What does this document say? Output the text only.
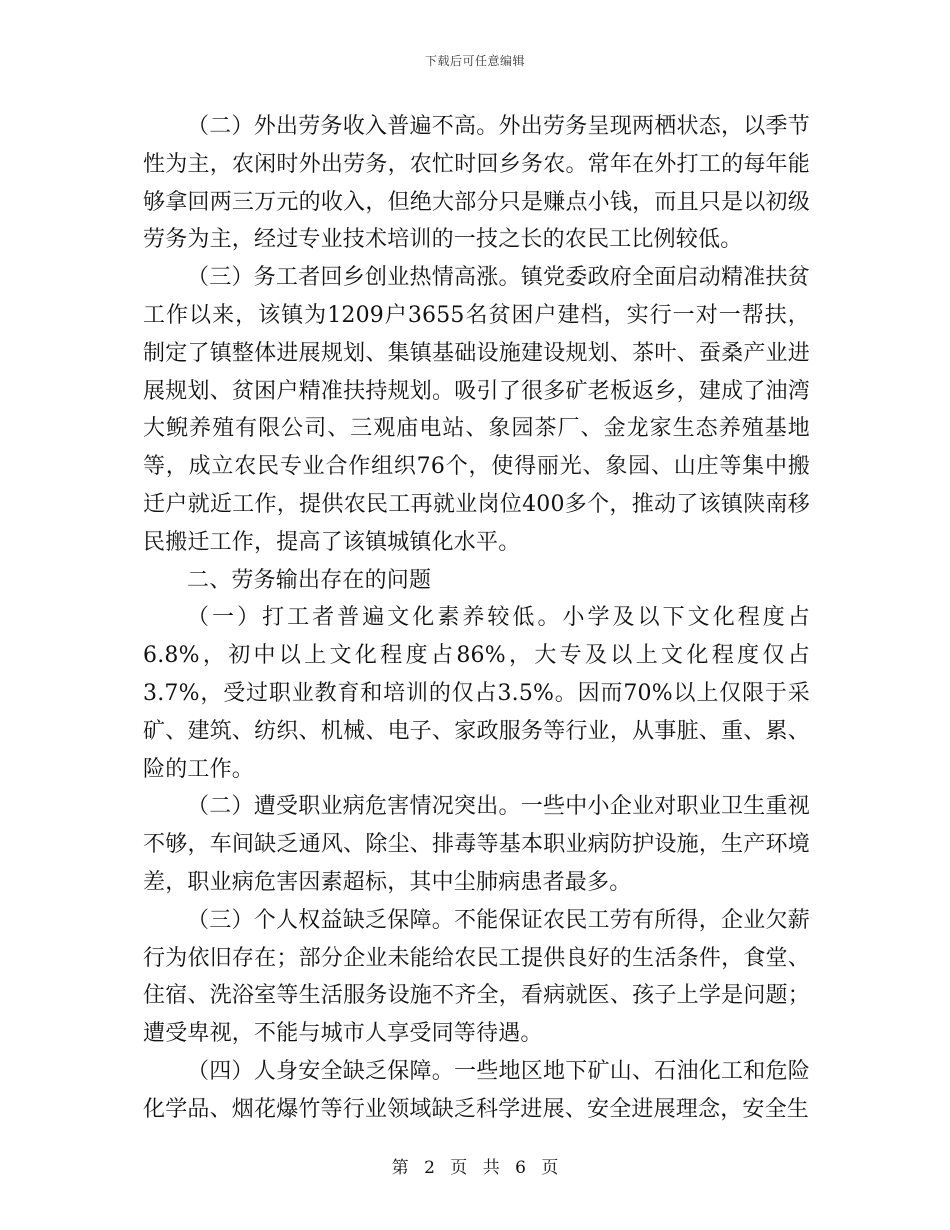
下载后可任意编辑

（二）外出劳务收入普遍不高。外出劳务呈现两栖状态，以季节性为主，农闲时外出劳务，农忙时回乡务农。常年在外打工的每年能够拿回两三万元的收入，但绝大部分只是赚点小钱，而且只是以初级劳务为主，经过专业技术培训的一技之长的农民工比例较低。

（三）务工者回乡创业热情高涨。镇党委政府全面启动精准扶贫工作以来，该镇为1209户3655名贫困户建档，实行一对一帮扶，制定了镇整体进展规划、集镇基础设施建设规划、茶叶、蚕桑产业进展规划、贫困户精准扶持规划。吸引了很多矿老板返乡，建成了油湾大鲵养殖有限公司、三观庙电站、象园茶厂、金龙家生态养殖基地等，成立农民专业合作组织76个，使得丽光、象园、山庄等集中搬迁户就近工作，提供农民工再就业岗位400多个，推动了该镇陕南移民搬迁工作，提高了该镇城镇化水平。

二、劳务输出存在的问题

（一）打工者普遍文化素养较低。小学及以下文化程度占6.8%，初中以上文化程度占86%，大专及以上文化程度仅占3.7%，受过职业教育和培训的仅占3.5%。因而70%以上仅限于采矿、建筑、纺织、机械、电子、家政服务等行业，从事脏、重、累、险的工作。

（二）遭受职业病危害情况突出。一些中小企业对职业卫生重视不够，车间缺乏通风、除尘、排毒等基本职业病防护设施，生产环境差，职业病危害因素超标，其中尘肺病患者最多。

（三）个人权益缺乏保障。不能保证农民工劳有所得，企业欠薪行为依旧存在；部分企业未能给农民工提供良好的生活条件，食堂、住宿、洗浴室等生活服务设施不齐全，看病就医、孩子上学是问题；遭受卑视，不能与城市人享受同等待遇。

（四）人身安全缺乏保障。一些地区地下矿山、石油化工和危险化学品、烟花爆竹等行业领域缺乏科学进展、安全进展理念，安全生

第 2 页 共 6 页
